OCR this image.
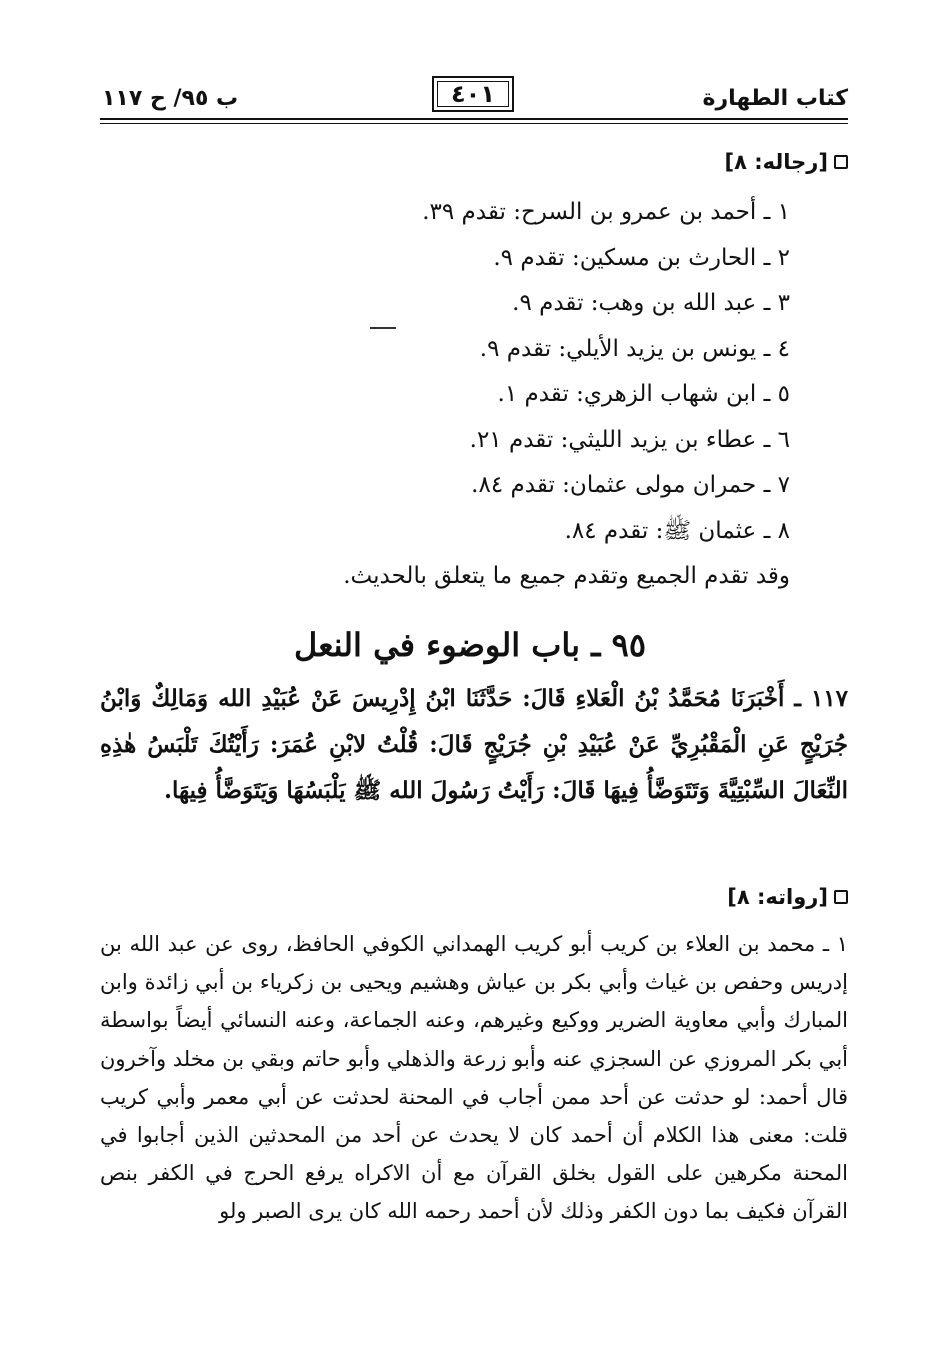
كتاب الطهارة
٤٠١
ب ٩٥/ ح ١١٧
[رجاله: ٨]
١ ـ أحمد بن عمرو بن السرح: تقدم ٣٩.
٢ ـ الحارث بن مسكين: تقدم ٩.
٣ ـ عبد الله بن وهب: تقدم ٩.
٤ ـ يونس بن يزيد الأيلي: تقدم ٩.
٥ ـ ابن شهاب الزهري: تقدم ١.
٦ ـ عطاء بن يزيد الليثي: تقدم ٢١.
٧ ـ حمران مولى عثمان: تقدم ٨٤.
٨ ـ عثمان ﷺ: تقدم ٨٤.
وقد تقدم الجميع وتقدم جميع ما يتعلق بالحديث.
٩٥ ـ باب الوضوء في النعل
١١٧ ـ أَخْبَرَنَا مُحَمَّدُ بْنُ الْعَلاءِ قَالَ: حَدَّثَنَا ابْنُ إِدْرِيسَ عَنْ عُبَيْدِ الله وَمَالِكٌ وَابْنُ جُرَيْجٍ عَنِ الْمَقْبُرِيِّ عَنْ عُبَيْدِ بْنِ جُرَيْجٍ قَالَ: قُلْتُ لابْنِ عُمَرَ: رَأَيْتُكَ تَلْبَسُ هٰذِهِ النِّعَالَ السِّبْتِيَّةَ وَتَتَوَضَّأُ فِيهَا قَالَ: رَأَيْتُ رَسُولَ الله ﷺ يَلْبَسُهَا وَيَتَوَضَّأُ فِيهَا.
[رواته: ٨]
١ ـ محمد بن العلاء بن كريب أبو كريب الهمداني الكوفي الحافظ، روى عن عبد الله بن إدريس وحفص بن غياث وأبي بكر بن عياش وهشيم ويحيى بن زكرياء بن أبي زائدة وابن المبارك وأبي معاوية الضرير ووكيع وغيرهم، وعنه الجماعة، وعنه النسائي أيضاً بواسطة أبي بكر المروزي عن السجزي عنه وأبو زرعة والذهلي وأبو حاتم وبقي بن مخلد وآخرون قال أحمد: لو حدثت عن أحد ممن أجاب في المحنة لحدثت عن أبي معمر وأبي كريب قلت: معنى هذا الكلام أن أحمد كان لا يحدث عن أحد من المحدثين الذين أجابوا في المحنة مكرهين على القول بخلق القرآن مع أن الاكراه يرفع الحرج في الكفر بنص القرآن فكيف بما دون الكفر وذلك لأن أحمد رحمه الله كان يرى الصبر ولو
